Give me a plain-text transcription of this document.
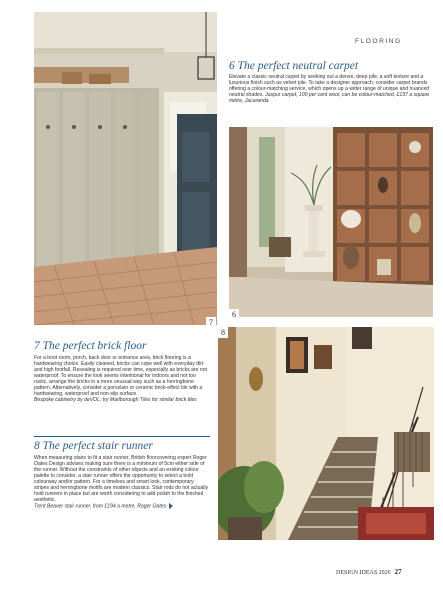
FLOORING
6
7
8
6 The perfect neutral carpet
Elevate a classic neutral carpet by seeking out a dense, deep pile, a soft texture and a luxurious finish such as velvet pile. To take a designer approach, consider carpet brands offering a colour-matching service, which opens up a wider range of unique and nuanced neutral shades. Jaspur carpet, 100 per cent wool, can be colour-matched, £137 a square metre, Jacaranda
7 The perfect brick floor
For a boot room, porch, back door or entrance area, brick flooring is a hardwearing choice. Easily cleaned, bricks can cope well with everyday dirt and high footfall. Resealing is required over time, especially as bricks are not waterproof. To ensure the look seems intentional for indoors and not too rustic, arrange the bricks in a more unusual way such as a herringbone pattern. Alternatively, consider a porcelain or ceramic brick-effect tile with a hardwearing, waterproof and non-slip surface.
Bespoke cabinetry by deVOL; try Marlborough Tiles for similar brick tiles
8 The perfect stair runner
When measuring stairs to fit a stair runner, British floorcovering expert Roger Oates Design advises making sure there is a minimum of 5cm either side of the runner. Without the constraints of other objects and an existing colour palette to consider, a stair runner offers the opportunity to select a bold colourway and/or pattern. For a timeless and smart look, contemporary stripes and herringbone motifs are modern classics. Stair rods do not actually hold runners in place but are worth considering to add polish to the finished aesthetic.
Trent Beaver stair runner, from £194 a metre, Roger Oates
DESIGN IDEAS 2026 27
